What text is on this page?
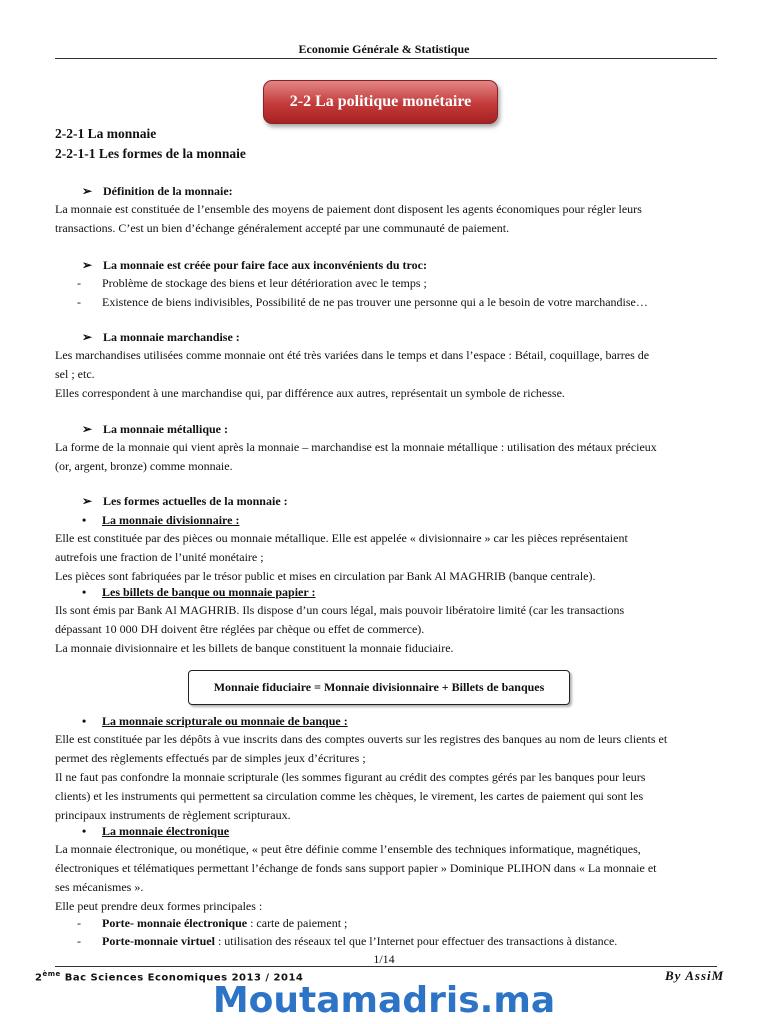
Economie Générale & Statistique
2-2 La politique monétaire
2-2-1 La monnaie
2-2-1-1 Les formes de la monnaie
➢ Définition de la monnaie:
La monnaie est constituée de l’ensemble des moyens de paiement dont disposent les agents économiques pour régler leurs
transactions. C’est un bien d’échange généralement accepté par une communauté de paiement.
➢ La monnaie est créée pour faire face aux inconvénients du troc:
- Problème de stockage des biens et leur détérioration avec le temps ;
- Existence de biens indivisibles, Possibilité de ne pas trouver une personne qui a le besoin de votre marchandise…
➢ La monnaie marchandise :
Les marchandises utilisées comme monnaie ont été très variées dans le temps et dans l’espace : Bétail, coquillage, barres de
sel ; etc.
Elles correspondent à une marchandise qui, par différence aux autres, représentait un symbole de richesse.
➢ La monnaie métallique :
La forme de la monnaie qui vient après la monnaie – marchandise est la monnaie métallique : utilisation des métaux précieux
(or, argent, bronze) comme monnaie.
➢ Les formes actuelles de la monnaie :
• La monnaie divisionnaire :
Elle est constituée par des pièces ou monnaie métallique. Elle est appelée « divisionnaire » car les pièces représentaient
autrefois une fraction de l’unité monétaire ;
Les pièces sont fabriquées par le trésor public et mises en circulation par Bank Al MAGHRIB (banque centrale).
• Les billets de banque ou monnaie papier :
Ils sont émis par Bank Al MAGHRIB. Ils dispose d’un cours légal, mais pouvoir libératoire limité (car les transactions
dépassant 10 000 DH doivent être réglées par chèque ou effet de commerce).
La monnaie divisionnaire et les billets de banque constituent la monnaie fiduciaire.
Monnaie fiduciaire = Monnaie divisionnaire + Billets de banques
• La monnaie scripturale ou monnaie de banque :
Elle est constituée par les dépôts à vue inscrits dans des comptes ouverts sur les registres des banques au nom de leurs clients et
permet des règlements effectués par de simples jeux d’écritures ;
Il ne faut pas confondre la monnaie scripturale (les sommes figurant au crédit des comptes gérés par les banques pour leurs
clients) et les instruments qui permettent sa circulation comme les chèques, le virement, les cartes de paiement qui sont les
principaux instruments de règlement scripturaux.
• La monnaie électronique
La monnaie électronique, ou monétique, « peut être définie comme l’ensemble des techniques informatique, magnétiques,
électroniques et télématiques permettant l’échange de fonds sans support papier » Dominique PLIHON dans « La monnaie et
ses mécanismes ».
Elle peut prendre deux formes principales :
- Porte- monnaie électronique : carte de paiement ;
- Porte-monnaie virtuel : utilisation des réseaux tel que l’Internet pour effectuer des transactions à distance.
1/14
2ème Bac Sciences Economiques 2013 / 2014	By AssiM
Moutamadris.ma
